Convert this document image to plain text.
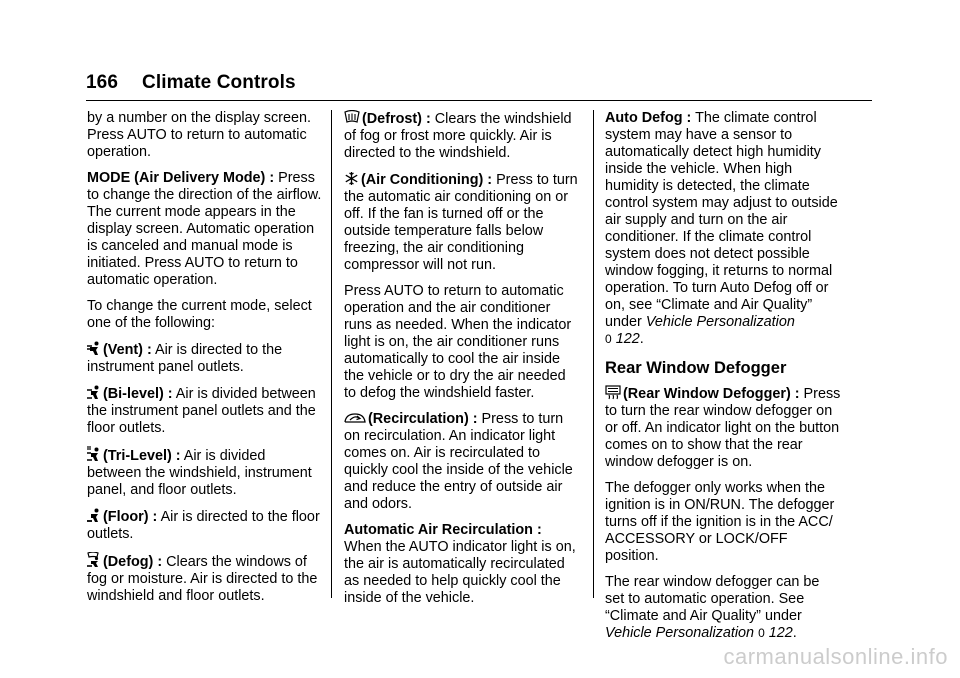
166 Climate Controls

by a number on the display screen. Press AUTO to return to automatic operation.

MODE (Air Delivery Mode) : Press to change the direction of the airflow. The current mode appears in the display screen. Automatic operation is canceled and manual mode is initiated. Press AUTO to return to automatic operation.

To change the current mode, select one of the following:

(Vent) : Air is directed to the instrument panel outlets.

(Bi-level) : Air is divided between the instrument panel outlets and the floor outlets.

(Tri-Level) : Air is divided between the windshield, instrument panel, and floor outlets.

(Floor) : Air is directed to the floor outlets.

(Defog) : Clears the windows of fog or moisture. Air is directed to the windshield and floor outlets.

(Defrost) : Clears the windshield of fog or frost more quickly. Air is directed to the windshield.

(Air Conditioning) : Press to turn the automatic air conditioning on or off. If the fan is turned off or the outside temperature falls below freezing, the air conditioning compressor will not run.

Press AUTO to return to automatic operation and the air conditioner runs as needed. When the indicator light is on, the air conditioner runs automatically to cool the air inside the vehicle or to dry the air needed to defog the windshield faster.

(Recirculation) : Press to turn on recirculation. An indicator light comes on. Air is recirculated to quickly cool the inside of the vehicle and reduce the entry of outside air and odors.

Automatic Air Recirculation : When the AUTO indicator light is on, the air is automatically recirculated as needed to help quickly cool the inside of the vehicle.

Auto Defog : The climate control system may have a sensor to automatically detect high humidity inside the vehicle. When high humidity is detected, the climate control system may adjust to outside air supply and turn on the air conditioner. If the climate control system does not detect possible window fogging, it returns to normal operation. To turn Auto Defog off or on, see “Climate and Air Quality” under Vehicle Personalization
0 122.

Rear Window Defogger

(Rear Window Defogger) : Press to turn the rear window defogger on or off. An indicator light on the button comes on to show that the rear window defogger is on.

The defogger only works when the ignition is in ON/RUN. The defogger turns off if the ignition is in the ACC/ ACCESSORY or LOCK/OFF position.

The rear window defogger can be set to automatic operation. See “Climate and Air Quality” under Vehicle Personalization 0 122.

carmanualsonline.info
